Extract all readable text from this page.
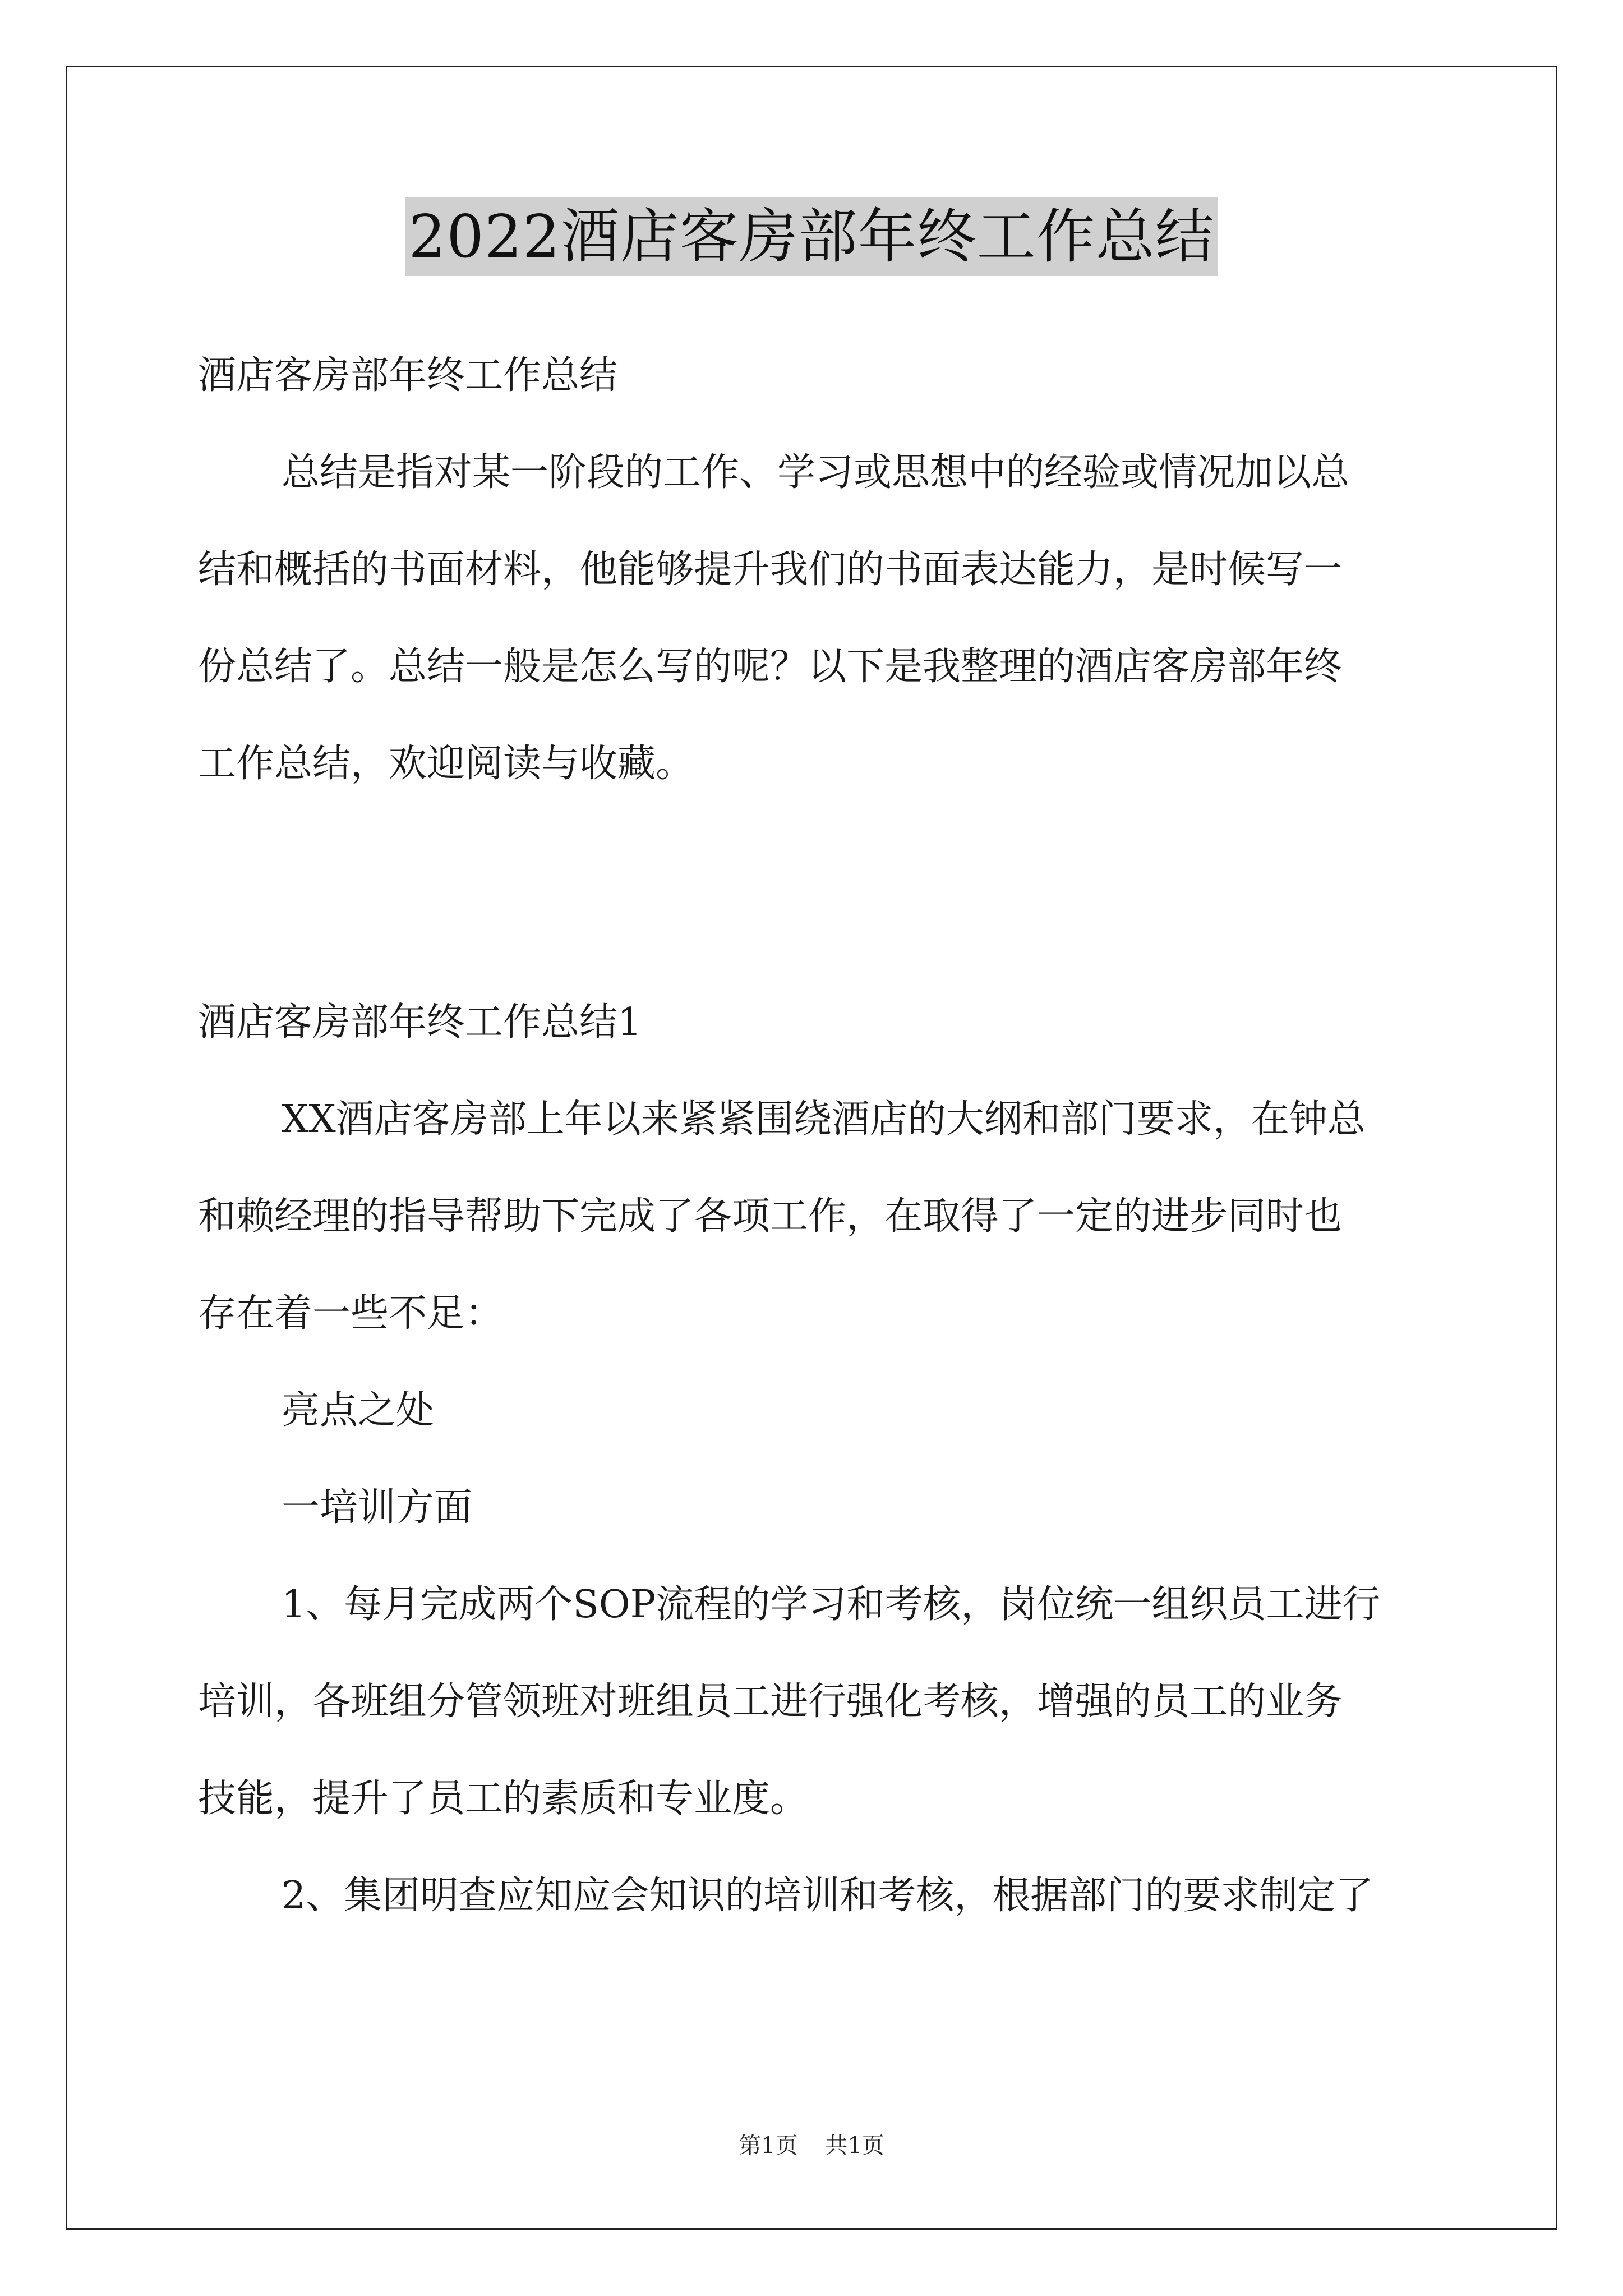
2022酒店客房部年终工作总结
酒店客房部年终工作总结
总结是指对某一阶段的工作、学习或思想中的经验或情况加以总
结和概括的书面材料，他能够提升我们的书面表达能力，是时候写一
份总结了。总结一般是怎么写的呢？以下是我整理的酒店客房部年终
工作总结，欢迎阅读与收藏。
酒店客房部年终工作总结1
XX酒店客房部上年以来紧紧围绕酒店的大纲和部门要求，在钟总
和赖经理的指导帮助下完成了各项工作，在取得了一定的进步同时也
存在着一些不足：
亮点之处
一培训方面
1、每月完成两个SOP流程的学习和考核，岗位统一组织员工进行
培训，各班组分管领班对班组员工进行强化考核，增强的员工的业务
技能，提升了员工的素质和专业度。
2、集团明查应知应会知识的培训和考核，根据部门的要求制定了
第1页 共1页
